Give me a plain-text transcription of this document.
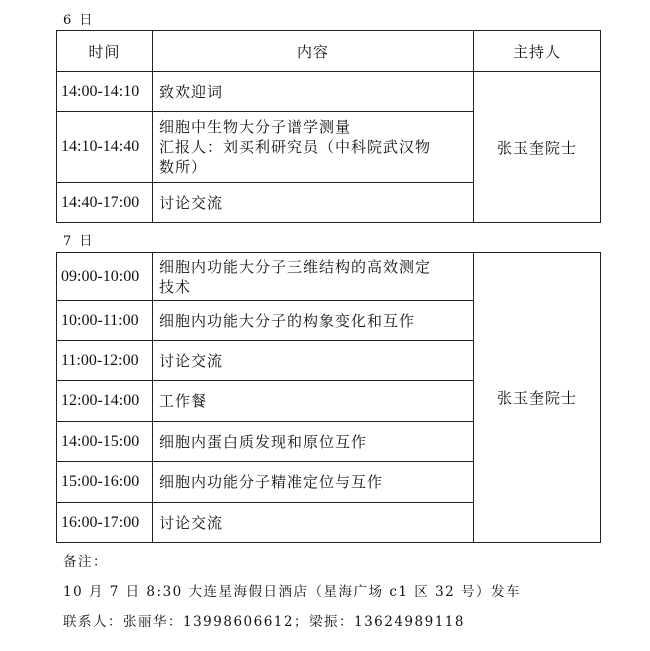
6 日
时间	内容	主持人
14:00-14:10	致欢迎词	张玉奎院士
14:10-14:40	细胞中生物大分子谱学测量
汇报人：刘买利研究员（中科院武汉物
数所）	

14:40-17:00	讨论交流	
7 日
09:00-10:00	细胞内功能大分子三维结构的高效测定
技术	张玉奎院士
10:00-11:00	细胞内功能大分子的构象变化和互作	
11:00-12:00	讨论交流	
12:00-14:00	工作餐	
14:00-15:00	细胞内蛋白质发现和原位互作	
15:00-16:00	细胞内功能分子精准定位与互作	
16:00-17:00	讨论交流	
备注：
10 月 7 日 8:30 大连星海假日酒店（星海广场 c1 区 32 号）发车
联系人：张丽华：13998606612；梁振：13624989118
